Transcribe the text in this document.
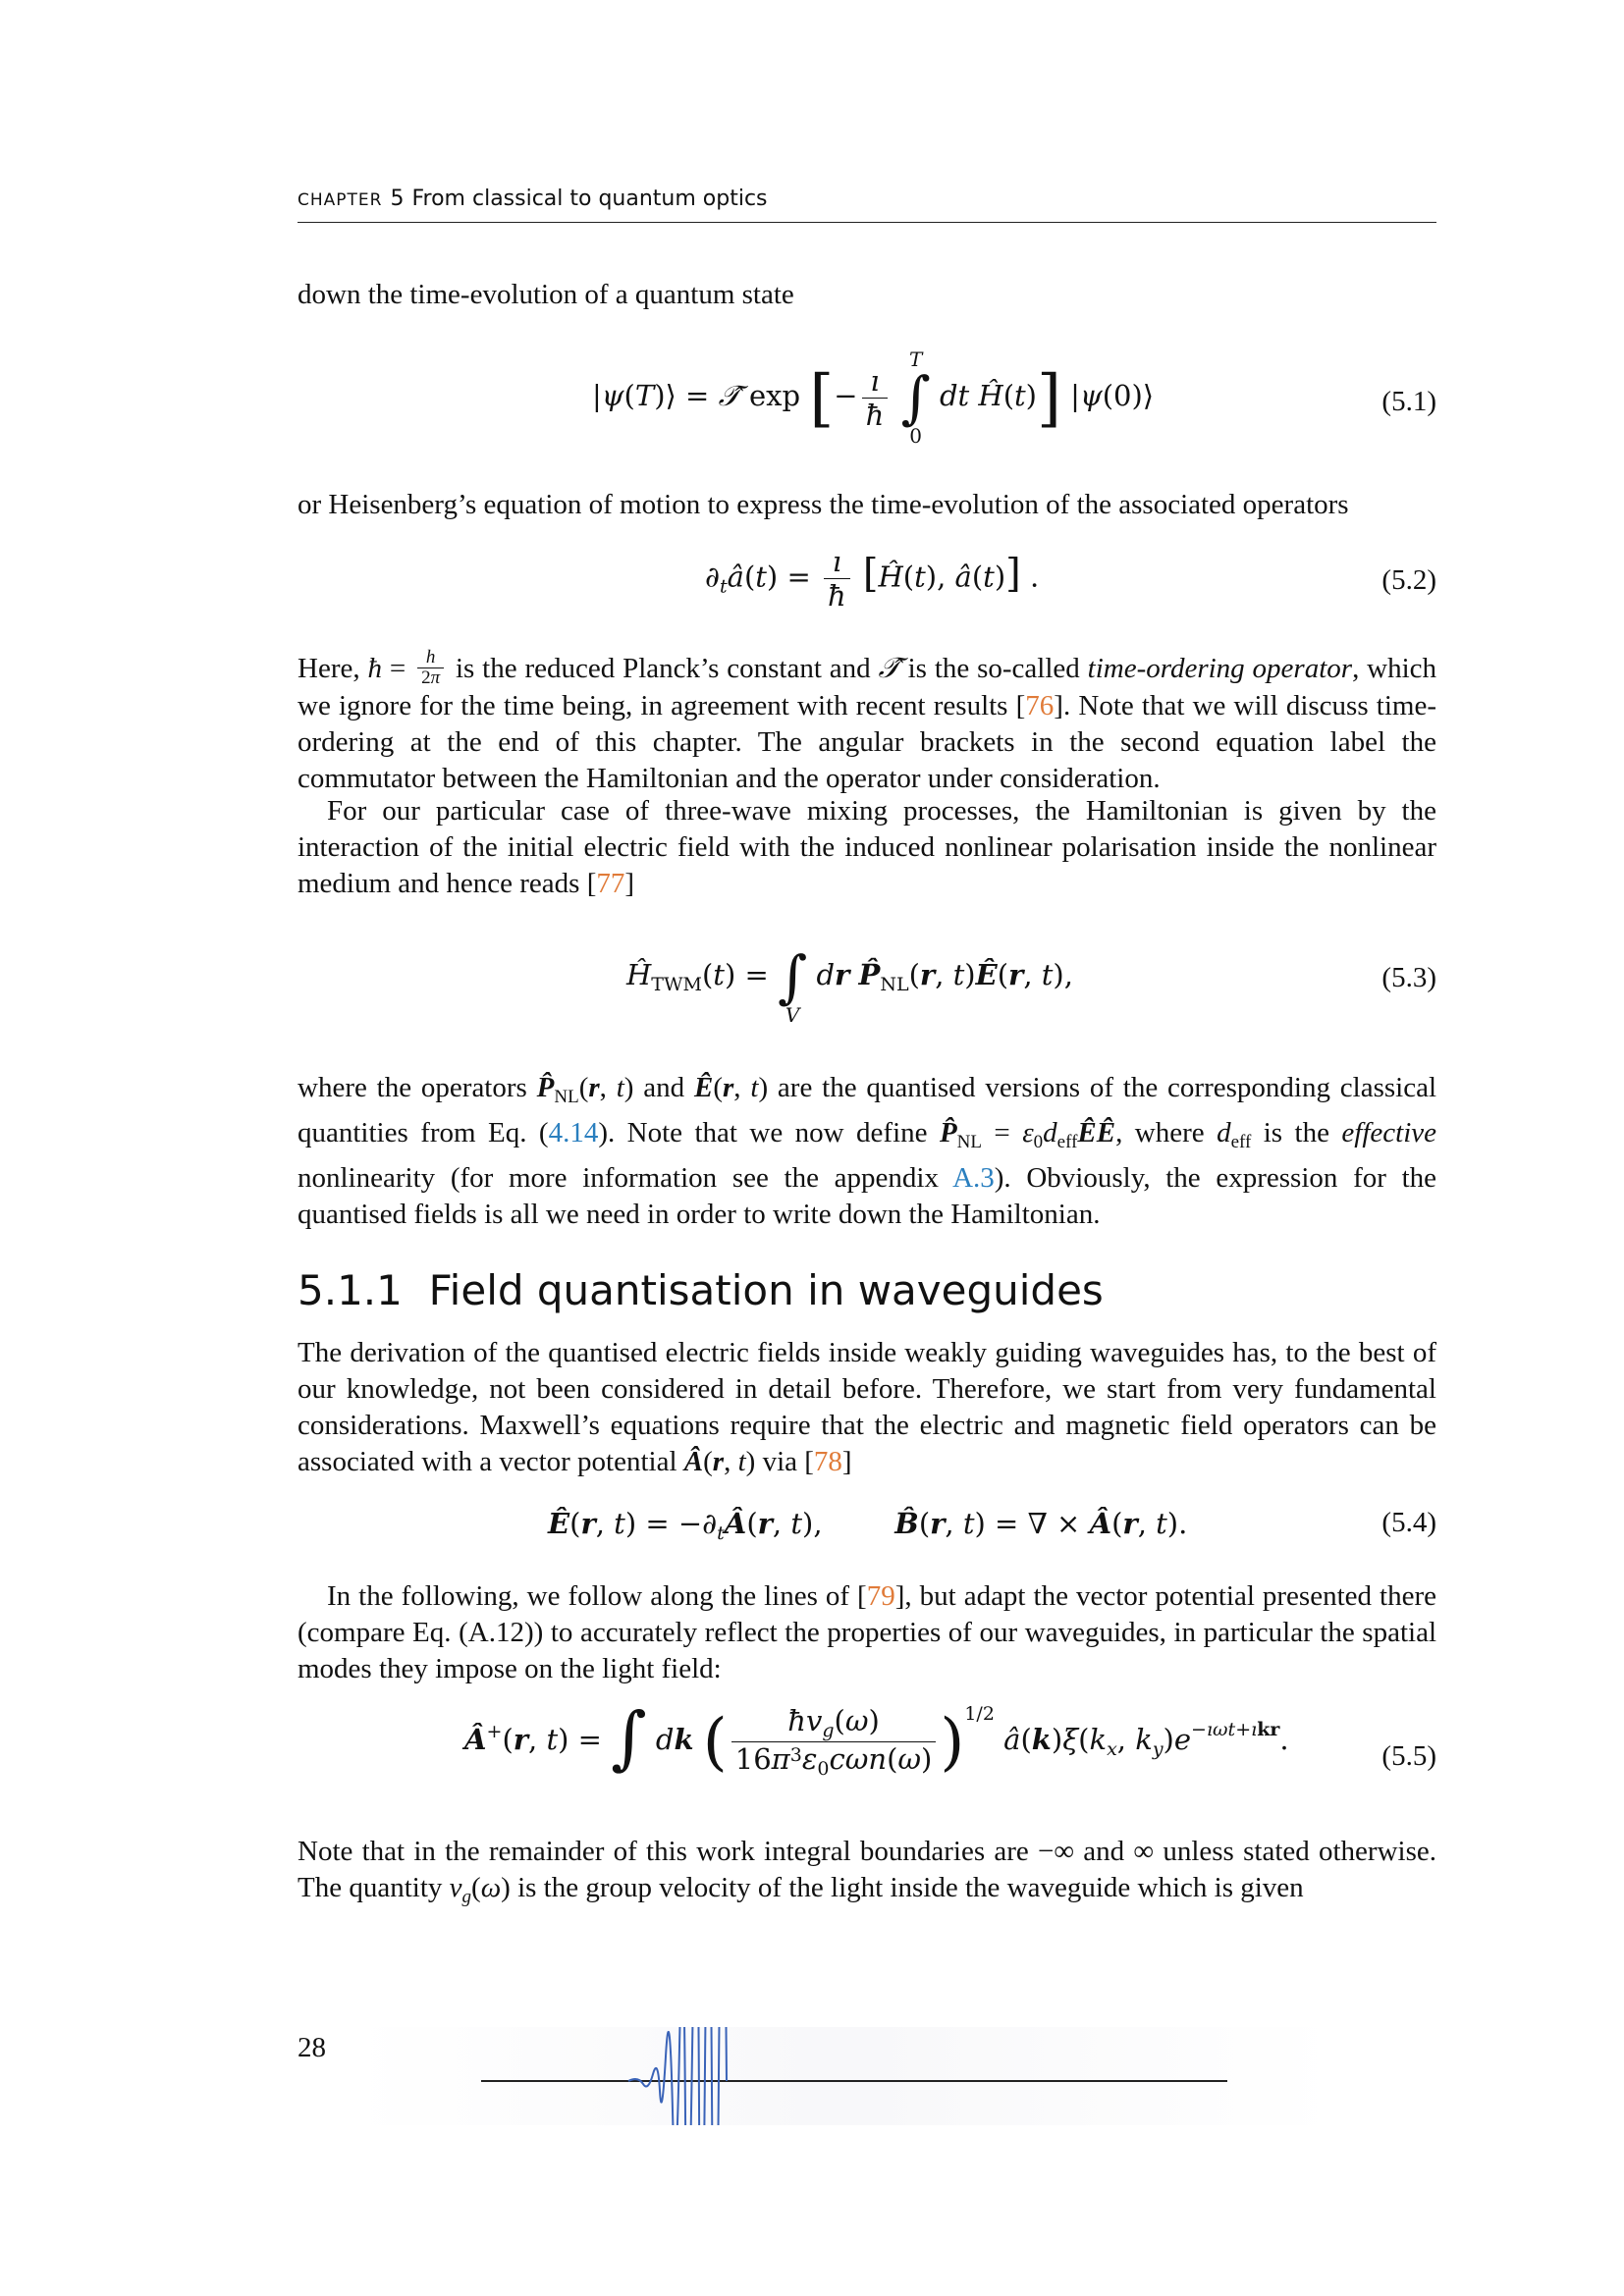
CHAPTER 5 From classical to quantum optics
down the time-evolution of a quantum state
|ψ(T)⟩ = 𝒯̂ exp [− $\frac{ı}{ħ}$

T
∫
0
dt Ĥ(t)] |ψ(0)⟩	(5.1)
or Heisenberg’s equation of motion to express the time-evolution of the associated operators
$\partial_tâ(t) = \frac{ı}{ħ}$ [Ĥ(t), â(t)] .	(5.2)
Here, ħ = $\frac{h}{2\pi}$ is the reduced Planck’s constant and 𝒯̂ is the so-called time-ordering operator, which we ignore for the time being, in agreement with recent results [76]. Note that we will discuss time-ordering at the end of this chapter. The angular brackets in the second equation label the commutator between the Hamiltonian and the operator under consideration.
For our particular case of three-wave mixing processes, the Hamiltonian is given by the interaction of the initial electric field with the induced nonlinear polarisation inside the nonlinear medium and hence reads [77]
$Ĥ_{TWM}(t)$ =
∫
V
dr $P̂_{NL}(r$, t)Ê(r, t),	(5.3)
where the operators $P̂_{NL}(r$, t) and Ê(r, t) are the quantised versions of the corresponding classical quantities from Eq. (4.14). Note that we now define $P̂_{NL}$ = $\varepsilon_0d_{eff}ÊÊ$, where $d_{eff}$ is the effective nonlinearity (for more information see the appendix A.3). Obviously, the expression for the quantised fields is all we need in order to write down the Hamiltonian.
5.1.1 Field quantisation in waveguides
The derivation of the quantised electric fields inside weakly guiding waveguides has, to the best of our knowledge, not been considered in detail before. Therefore, we start from very fundamental considerations. Maxwell’s equations require that the electric and magnetic field operators can be associated with a vector potential Â(r, t) via [78]
Ê(r, $t) = -\partial_tÂ(r$, t),        B̂(r, t) = ∇ × Â(r, t).	(5.4)
In the following, we follow along the lines of [79], but adapt the vector potential presented there (compare Eq. (A.12)) to accurately reflect the properties of our waveguides, in particular the spatial modes they impose on the light field:
Â+(r, t) = ∫ dk ( $\frac{ħv_g(\omega)}{16\pi^3\varepsilon_0c\omega n(\omega)} )^{1/2}$ $â(k)\xi(k_x$, $k_y)e^{-ı\omega t+ıkr}$.	(5.5)
Note that in the remainder of this work integral boundaries are −∞ and ∞ unless stated otherwise. The quantity $v_g(\omega)$ is the group velocity of the light inside the waveguide which is given
28
